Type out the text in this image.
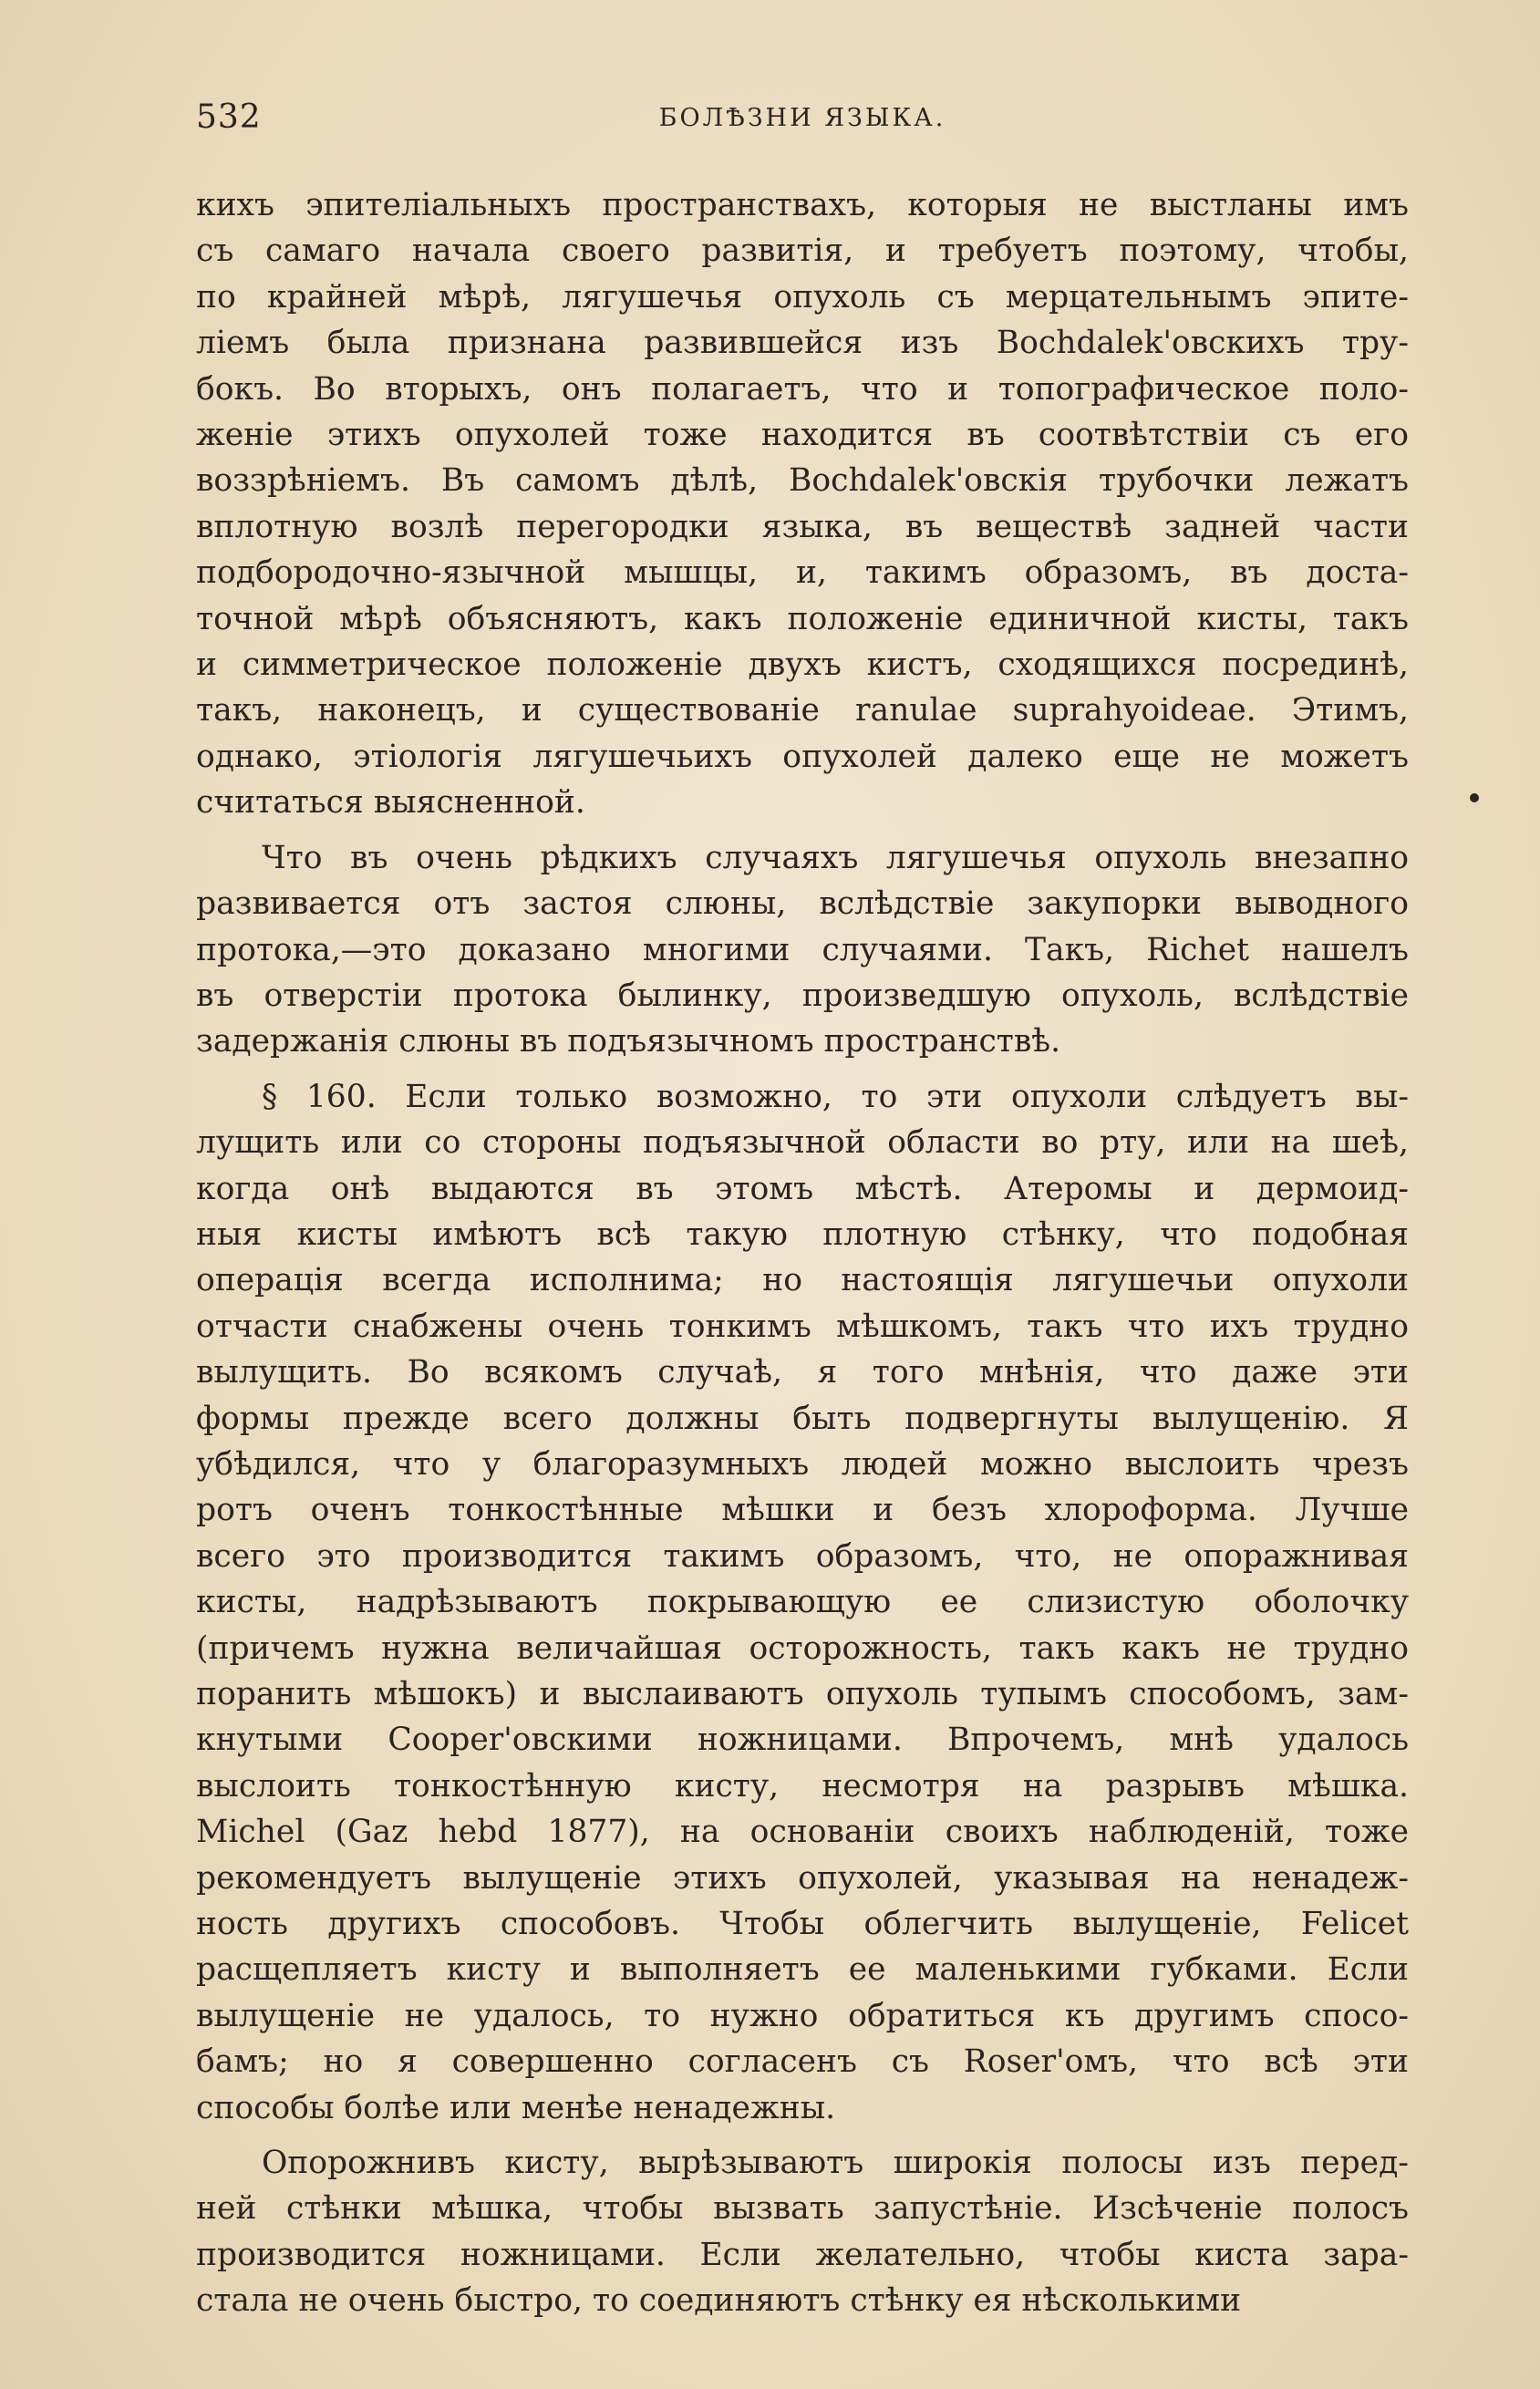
532	БОЛѢЗНИ ЯЗЫКА.
кихъ эпителіальныхъ пространствахъ, которыя не выстланы имъ
съ самаго начала своего развитія, и требуетъ поэтому, чтобы,
по крайней мѣрѣ, лягушечья опухоль съ мерцательнымъ эпите-
ліемъ была признана развившейся изъ Bochdalek'овскихъ тру-
бокъ. Во вторыхъ, онъ полагаетъ, что и топографическое поло-
женіе этихъ опухолей тоже находится въ соотвѣтствіи съ его
воззрѣніемъ. Въ самомъ дѣлѣ, Bochdalek'овскія трубочки лежатъ
вплотную возлѣ перегородки языка, въ веществѣ задней части
подбородочно-язычной мышцы, и, такимъ образомъ, въ доста-
точной мѣрѣ объясняютъ, какъ положеніе единичной кисты, такъ
и симметрическое положеніе двухъ кистъ, сходящихся посрединѣ,
такъ, наконецъ, и существованіе ranulae suprahyoideae. Этимъ,
однако, этіологія лягушечьихъ опухолей далеко еще не можетъ
считаться выясненной.
Что въ очень рѣдкихъ случаяхъ лягушечья опухоль внезапно
развивается отъ застоя слюны, вслѣдствіе закупорки выводного
протока,—это доказано многими случаями. Такъ, Richet нашелъ
въ отверстіи протока былинку, произведшую опухоль, вслѣдствіе
задержанія слюны въ подъязычномъ пространствѣ.
§ 160. Если только возможно, то эти опухоли слѣдуетъ вы-
лущить или со стороны подъязычной области во рту, или на шеѣ,
когда онѣ выдаются въ этомъ мѣстѣ. Атеромы и дермоид-
ныя кисты имѣютъ всѣ такую плотную стѣнку, что подобная
операція всегда исполнима; но настоящія лягушечьи опухоли
отчасти снабжены очень тонкимъ мѣшкомъ, такъ что ихъ трудно
вылущить. Во всякомъ случаѣ, я того мнѣнія, что даже эти
формы прежде всего должны быть подвергнуты вылущенію. Я
убѣдился, что у благоразумныхъ людей можно выслоить чрезъ
ротъ оченъ тонкостѣнные мѣшки и безъ хлороформа. Лучше
всего это производится такимъ образомъ, что, не опоражнивая
кисты, надрѣзываютъ покрывающую ее слизистую оболочку
(причемъ нужна величайшая осторожность, такъ какъ не трудно
поранить мѣшокъ) и выслаиваютъ опухоль тупымъ способомъ, зам-
кнутыми Cooper'овскими ножницами. Впрочемъ, мнѣ удалось
выслоить тонкостѣнную кисту, несмотря на разрывъ мѣшка.
Michel (Gaz hebd 1877), на основаніи своихъ наблюденій, тоже
рекомендуетъ вылущеніе этихъ опухолей, указывая на ненадеж-
ность другихъ способовъ. Чтобы облегчить вылущеніе, Felicet
расщепляетъ кисту и выполняетъ ее маленькими губками. Если
вылущеніе не удалось, то нужно обратиться къ другимъ спосо-
бамъ; но я совершенно согласенъ съ Roser'омъ, что всѣ эти
способы болѣе или менѣе ненадежны.
Опорожнивъ кисту, вырѣзываютъ широкія полосы изъ перед-
ней стѣнки мѣшка, чтобы вызвать запустѣніе. Изсѣченіе полосъ
производится ножницами. Если желательно, чтобы киста зара-
стала не очень быстро, то соединяютъ стѣнку ея нѣсколькими
